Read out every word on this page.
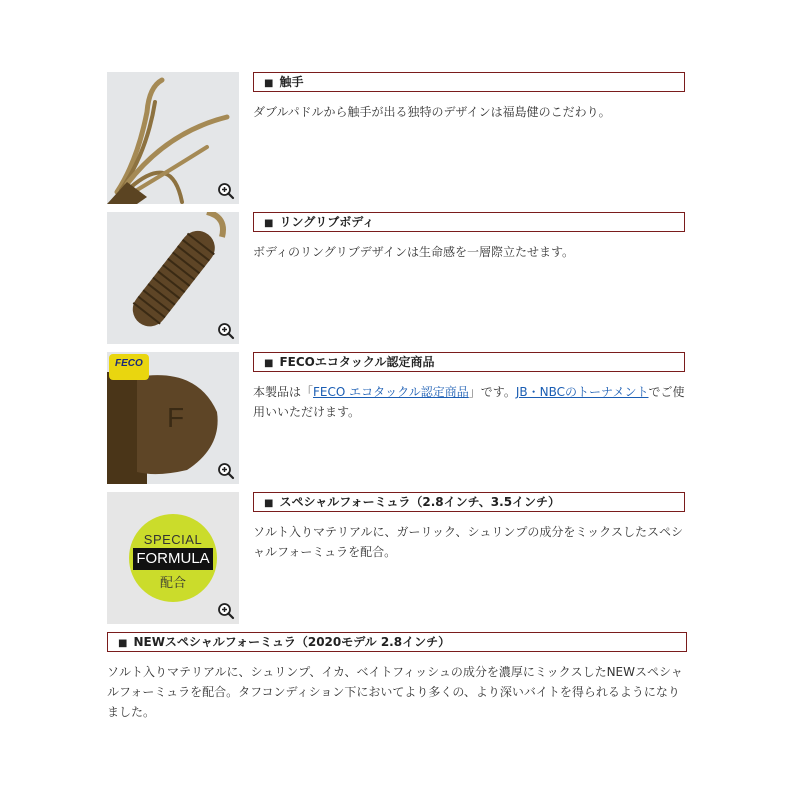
■ 触手
ダブルパドルから触手が出る独特のデザインは福島健のこだわり。
■ リングリブボディ
ボディのリングリブデザインは生命感を一層際立たせます。
F
FECO	■ FECOエコタックル認定商品
本製品は「FECO エコタックル認定商品」です。JB・NBCのトーナメントでご使用いいただけます。
SPECIAL
FORMULA
配合
■ スペシャルフォーミュラ（2.8インチ、3.5インチ）
ソルト入りマテリアルに、ガーリック、シュリンプの成分をミックスしたスペシャルフォーミュラを配合。
■ NEWスペシャルフォーミュラ（2020モデル 2.8インチ）
ソルト入りマテリアルに、シュリンプ、イカ、ベイトフィッシュの成分を濃厚にミックスしたNEWスペシャルフォーミュラを配合。タフコンディション下においてより多くの、より深いバイトを得られるようになりました。
